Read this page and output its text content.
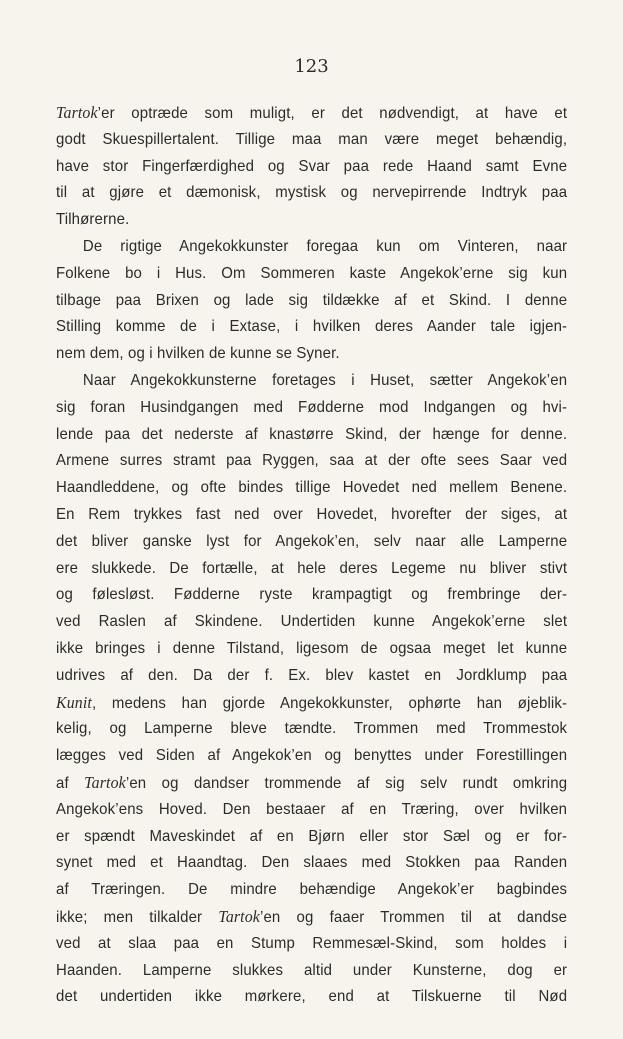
123
Tartok’er optræde som muligt, er det nødvendigt, at have et
godt Skuespillertalent. Tillige maa man være meget behændig,
have stor Fingerfærdighed og Svar paa rede Haand samt Evne
til at gjøre et dæmonisk, mystisk og nervepirrende Indtryk paa
Tilhørerne.
De rigtige Angekokkunster foregaa kun om Vinteren, naar
Folkene bo i Hus. Om Sommeren kaste Angekok’erne sig kun
tilbage paa Brixen og lade sig tildække af et Skind. I denne
Stilling komme de i Extase, i hvilken deres Aander tale igjen-
nem dem, og i hvilken de kunne se Syner.
Naar Angekokkunsterne foretages i Huset, sætter Angekok’en
sig foran Husindgangen med Fødderne mod Indgangen og hvi-
lende paa det nederste af knastørre Skind, der hænge for denne.
Armene surres stramt paa Ryggen, saa at der ofte sees Saar ved
Haandleddene, og ofte bindes tillige Hovedet ned mellem Benene.
En Rem trykkes fast ned over Hovedet, hvorefter der siges, at
det bliver ganske lyst for Angekok’en, selv naar alle Lamperne
ere slukkede. De fortælle, at hele deres Legeme nu bliver stivt
og følesløst. Fødderne ryste krampagtigt og frembringe der-
ved Raslen af Skindene. Undertiden kunne Angekok’erne slet
ikke bringes i denne Tilstand, ligesom de ogsaa meget let kunne
udrives af den. Da der f. Ex. blev kastet en Jordklump paa
Kunit, medens han gjorde Angekokkunster, ophørte han øjeblik-
kelig, og Lamperne bleve tændte. Trommen med Trommestok
lægges ved Siden af Angekok’en og benyttes under Forestillingen
af Tartok’en og dandser trommende af sig selv rundt omkring
Angekok’ens Hoved. Den bestaaer af en Træring, over hvilken
er spændt Maveskindet af en Bjørn eller stor Sæl og er for-
synet med et Haandtag. Den slaaes med Stokken paa Randen
af Træringen. De mindre behændige Angekok’er bagbindes
ikke; men tilkalder Tartok’en og faaer Trommen til at dandse
ved at slaa paa en Stump Remmesæl-Skind, som holdes i
Haanden. Lamperne slukkes altid under Kunsterne, dog er
det undertiden ikke mørkere, end at Tilskuerne til Nød
